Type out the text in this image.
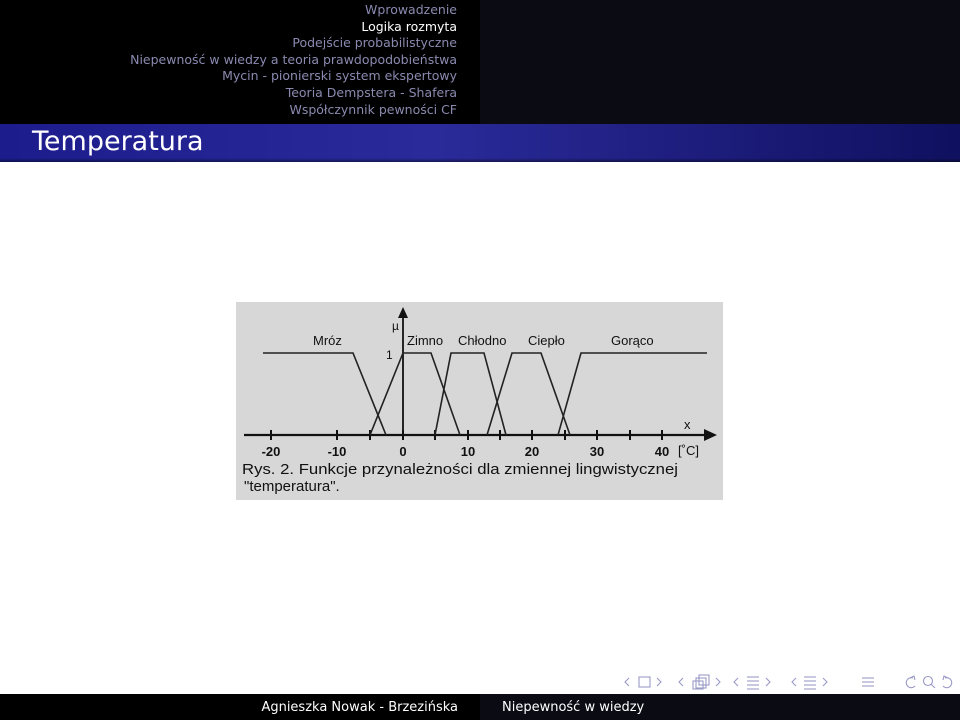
Wprowadzenie
Logika rozmyta
Podejście probabilistyczne
Niepewność w wiedzy a teoria prawdopodobieństwa
Mycin - pionierski system ekspertowy
Teoria Dempstera - Shafera
Współczynnik pewności CF
Temperatura
µ
1
x
[˚C]
Mróz	Zimno Chłodno Ciepło	Gorąco
-20	-10	0	10	20	30	40
Rys. 2. Funkcje przynależności dla zmiennej lingwistycznej
"temperatura".
Agnieszka Nowak - Brzezińska	Niepewność w wiedzy
